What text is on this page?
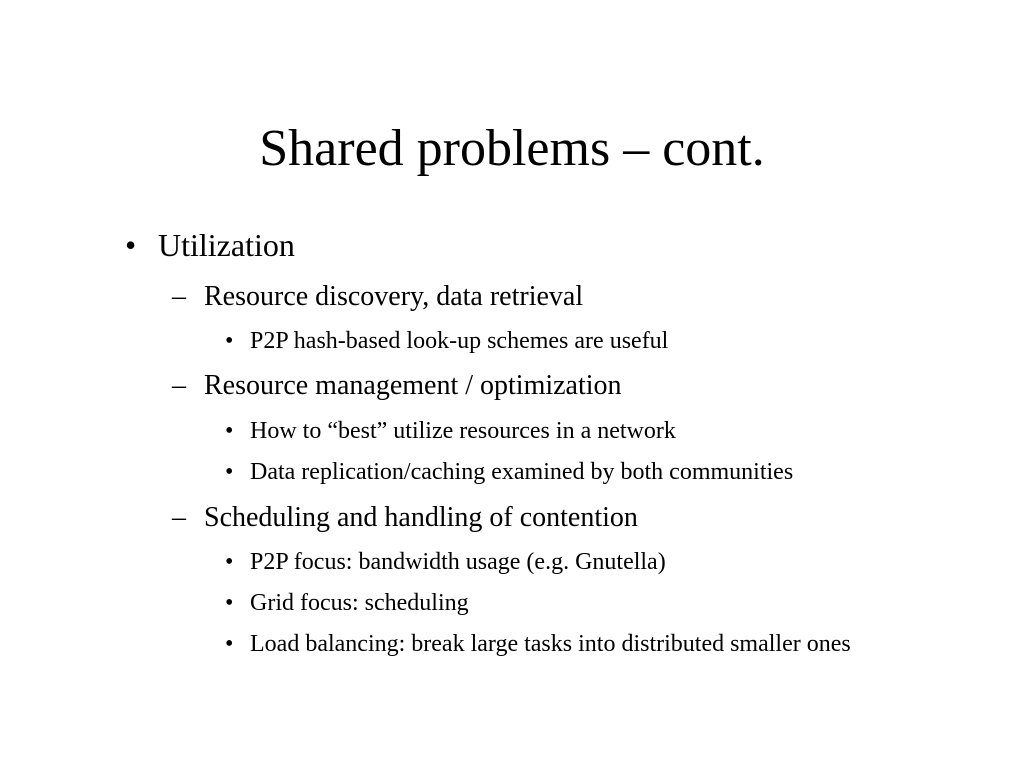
Shared problems – cont.
• Utilization
– Resource discovery, data retrieval
• P2P hash-based look-up schemes are useful
– Resource management / optimization
• How to “best” utilize resources in a network
• Data replication/caching examined by both communities
– Scheduling and handling of contention
• P2P focus: bandwidth usage (e.g. Gnutella)
• Grid focus: scheduling
• Load balancing: break large tasks into distributed smaller ones
